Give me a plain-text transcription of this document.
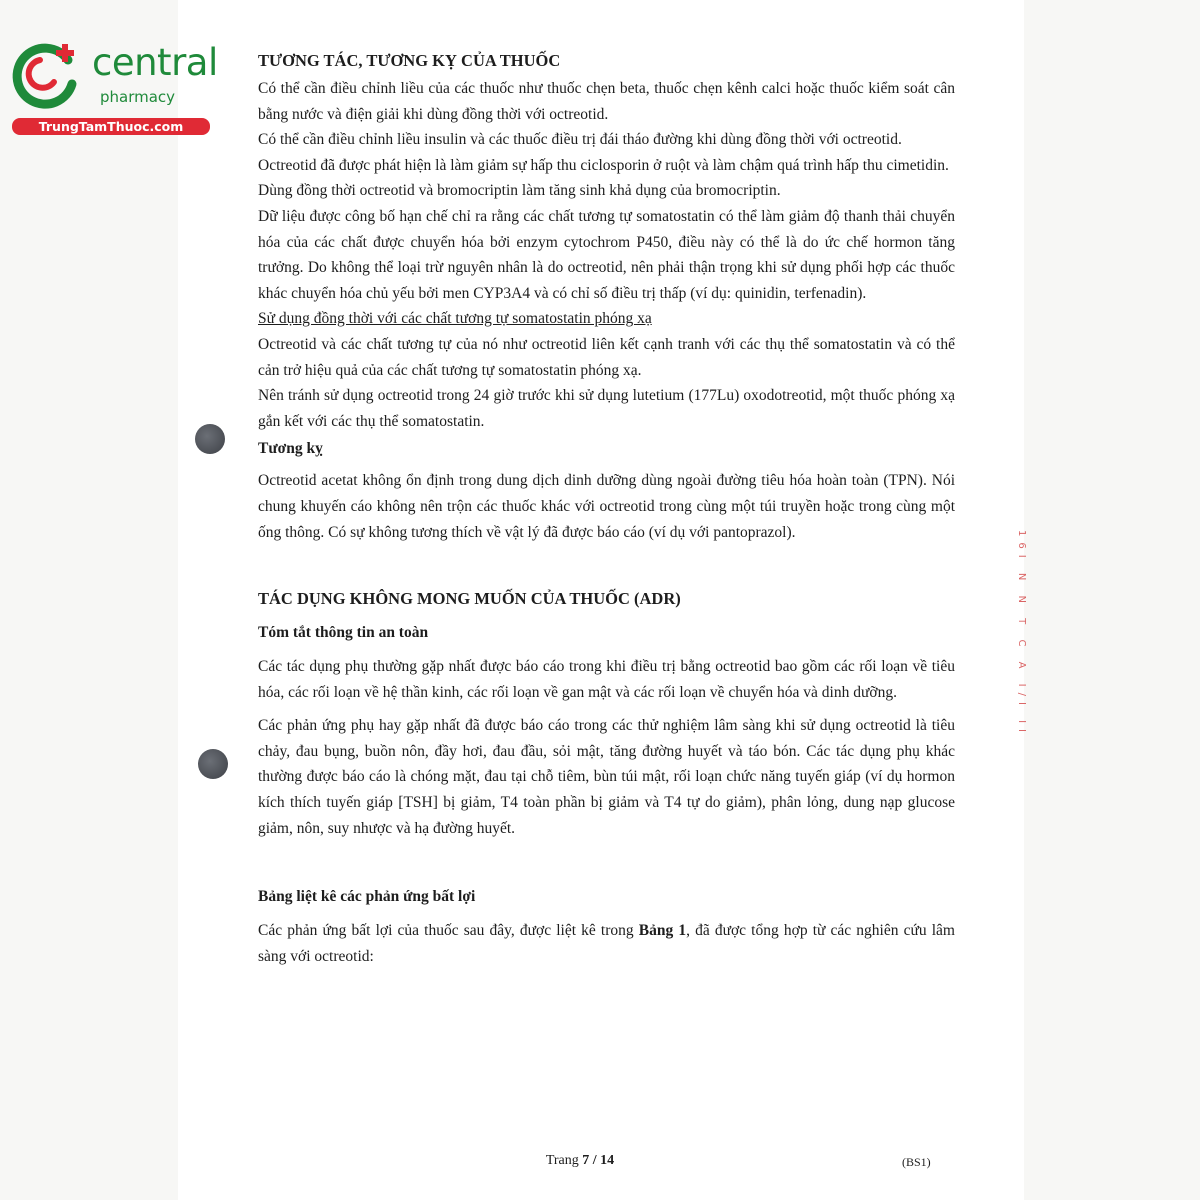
central
pharmacy
TrungTamThuoc.com
16I N N T C A I/I II
TƯƠNG TÁC, TƯƠNG KỴ CỦA THUỐC

Có thể cần điều chỉnh liều của các thuốc như thuốc chẹn beta, thuốc chẹn kênh calci hoặc thuốc kiểm soát cân bằng nước và điện giải khi dùng đồng thời với octreotid.

Có thể cần điều chỉnh liều insulin và các thuốc điều trị đái tháo đường khi dùng đồng thời với octreotid.

Octreotid đã được phát hiện là làm giảm sự hấp thu ciclosporin ở ruột và làm chậm quá trình hấp thu cimetidin.

Dùng đồng thời octreotid và bromocriptin làm tăng sinh khả dụng của bromocriptin.

Dữ liệu được công bố hạn chế chỉ ra rằng các chất tương tự somatostatin có thể làm giảm độ thanh thải chuyển hóa của các chất được chuyển hóa bởi enzym cytochrom P450, điều này có thể là do ức chế hormon tăng trưởng. Do không thể loại trừ nguyên nhân là do octreotid, nên phải thận trọng khi sử dụng phối hợp các thuốc khác chuyển hóa chủ yếu bởi men CYP3A4 và có chỉ số điều trị thấp (ví dụ: quinidin, terfenadin).

Sử dụng đồng thời với các chất tương tự somatostatin phóng xạ

Octreotid và các chất tương tự của nó như octreotid liên kết cạnh tranh với các thụ thể somatostatin và có thể cản trở hiệu quả của các chất tương tự somatostatin phóng xạ.

Nên tránh sử dụng octreotid trong 24 giờ trước khi sử dụng lutetium (177Lu) oxodotreotid, một thuốc phóng xạ gắn kết với các thụ thể somatostatin.

Tương kỵ

Octreotid acetat không ổn định trong dung dịch dinh dưỡng dùng ngoài đường tiêu hóa hoàn toàn (TPN). Nói chung khuyến cáo không nên trộn các thuốc khác với octreotid trong cùng một túi truyền hoặc trong cùng một ống thông. Có sự không tương thích về vật lý đã được báo cáo (ví dụ với pantoprazol).

TÁC DỤNG KHÔNG MONG MUỐN CỦA THUỐC (ADR)

Tóm tắt thông tin an toàn

Các tác dụng phụ thường gặp nhất được báo cáo trong khi điều trị bằng octreotid bao gồm các rối loạn về tiêu hóa, các rối loạn về hệ thần kinh, các rối loạn về gan mật và các rối loạn về chuyển hóa và dinh dưỡng.

Các phản ứng phụ hay gặp nhất đã được báo cáo trong các thử nghiệm lâm sàng khi sử dụng octreotid là tiêu chảy, đau bụng, buồn nôn, đầy hơi, đau đầu, sỏi mật, tăng đường huyết và táo bón. Các tác dụng phụ khác thường được báo cáo là chóng mặt, đau tại chỗ tiêm, bùn túi mật, rối loạn chức năng tuyến giáp (ví dụ hormon kích thích tuyến giáp [TSH] bị giảm, T4 toàn phần bị giảm và T4 tự do giảm), phân lỏng, dung nạp glucose giảm, nôn, suy nhược và hạ đường huyết.

Bảng liệt kê các phản ứng bất lợi

Các phản ứng bất lợi của thuốc sau đây, được liệt kê trong Bảng 1, đã được tổng hợp từ các nghiên cứu lâm sàng với octreotid:

Trang 7 / 14	(BS1)
